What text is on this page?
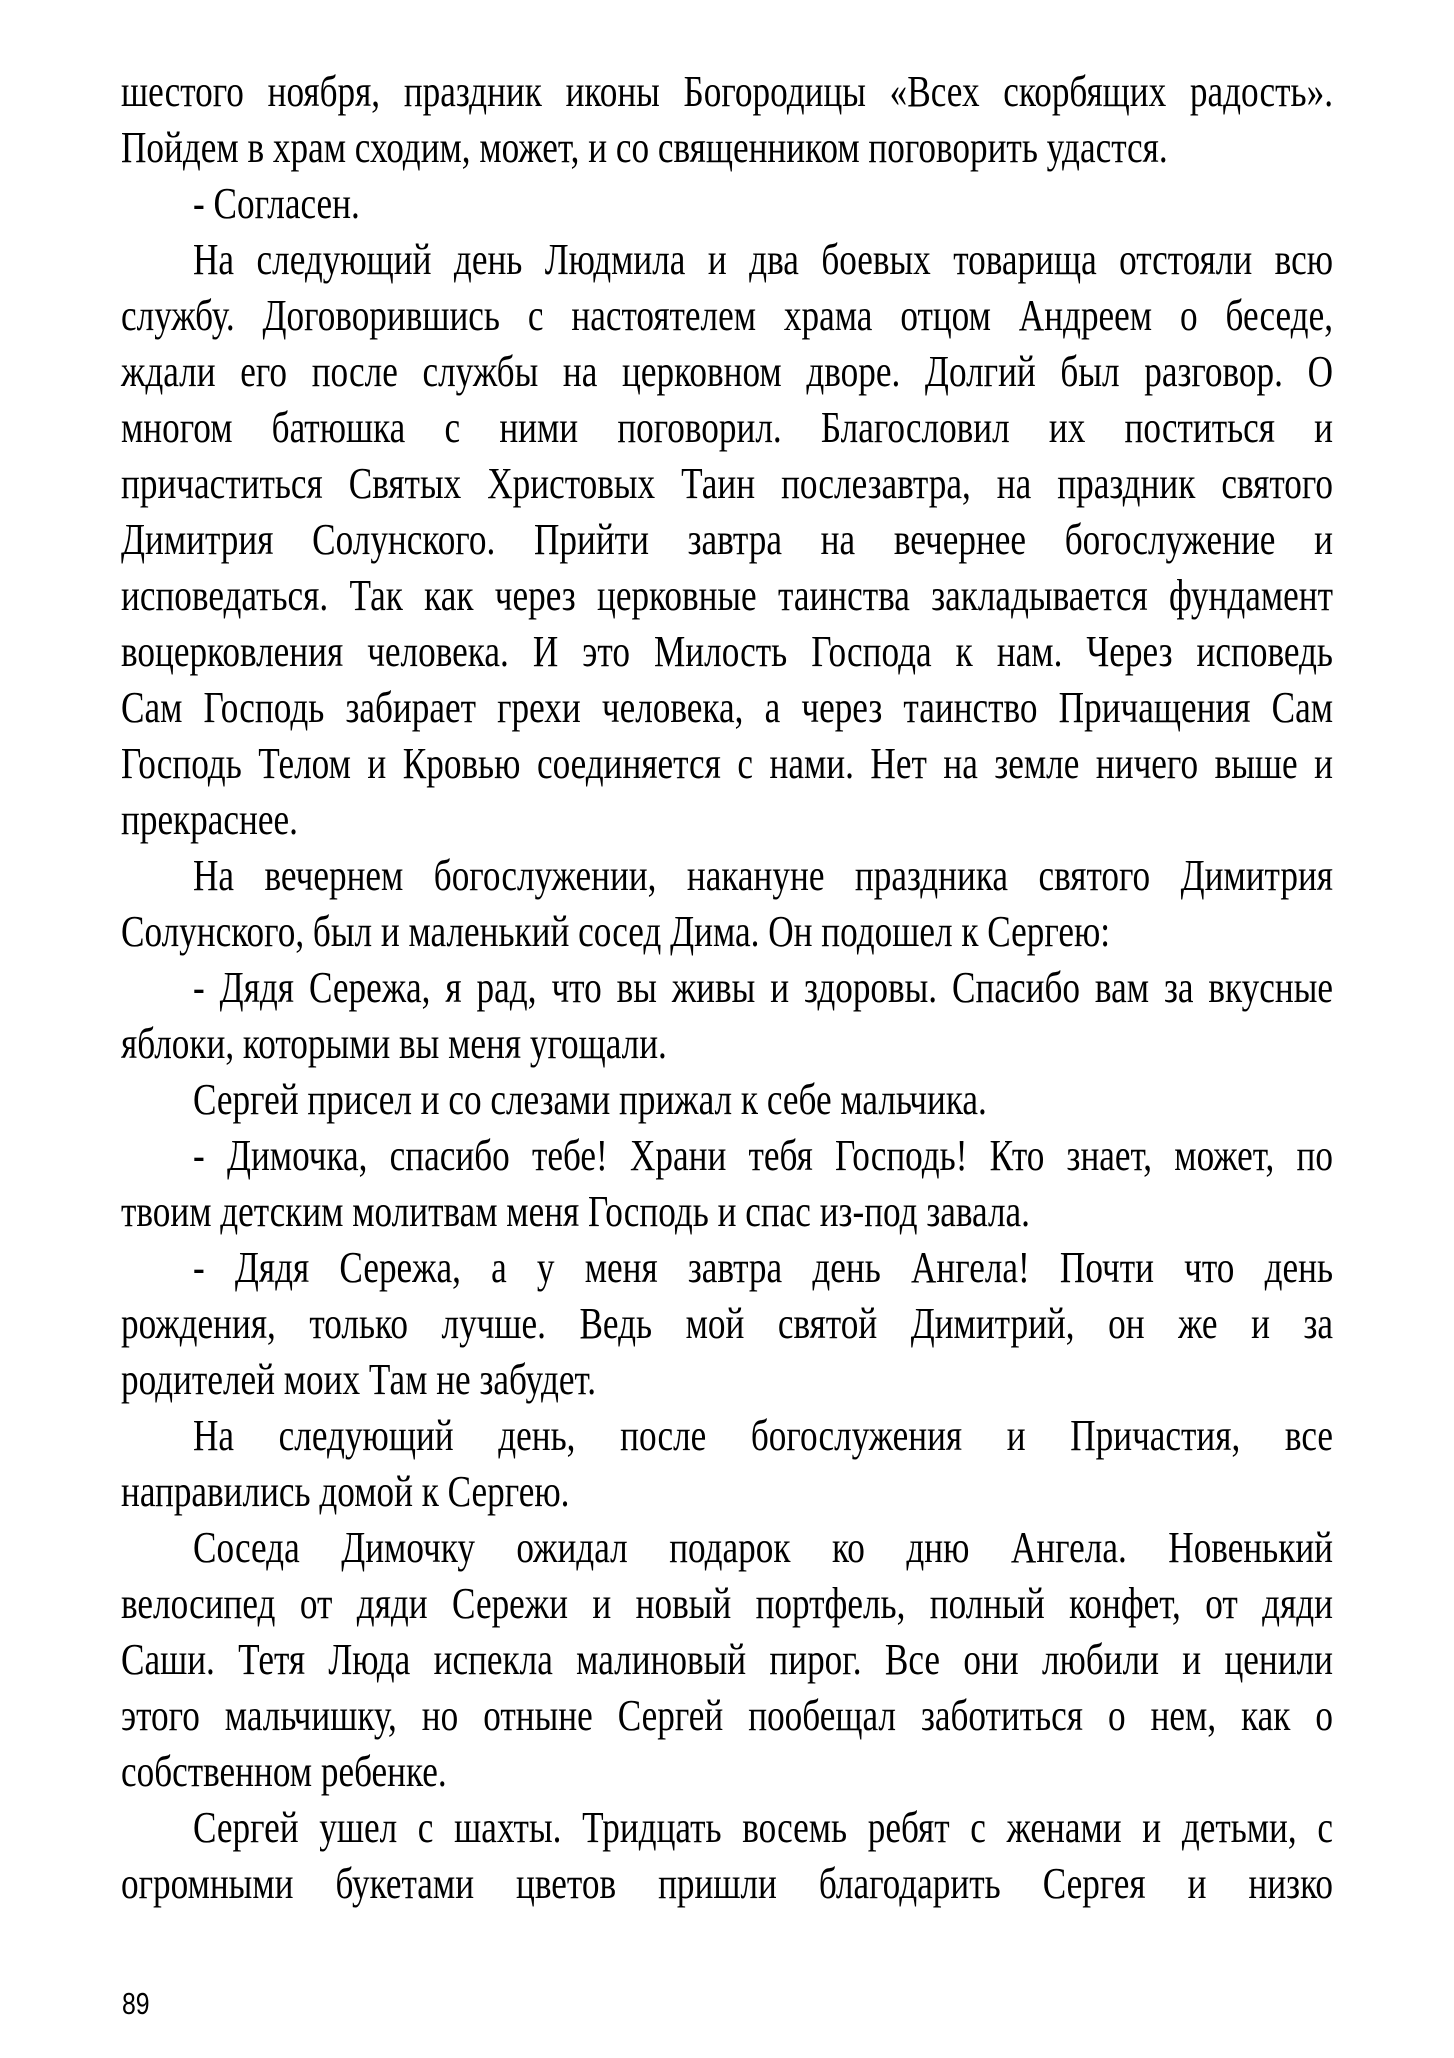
шестого ноября, праздник иконы Богородицы «Всех скорбящих радость».
Пойдем в храм сходим, может, и со священником поговорить удастся.
- Согласен.
На следующий день Людмила и два боевых товарища отстояли всю
службу. Договорившись с настоятелем храма отцом Андреем о беседе,
ждали его после службы на церковном дворе. Долгий был разговор. О
многом батюшка с ними поговорил. Благословил их поститься и
причаститься Святых Христовых Таин послезавтра, на праздник святого
Димитрия Солунского. Прийти завтра на вечернее богослужение и
исповедаться. Так как через церковные таинства закладывается фундамент
воцерковления человека. И это Милость Господа к нам. Через исповедь
Сам Господь забирает грехи человека, а через таинство Причащения Сам
Господь Телом и Кровью соединяется с нами. Нет на земле ничего выше и
прекраснее.
На вечернем богослужении, накануне праздника святого Димитрия
Солунского, был и маленький сосед Дима. Он подошел к Сергею:
- Дядя Сережа, я рад, что вы живы и здоровы. Спасибо вам за вкусные
яблоки, которыми вы меня угощали.
Сергей присел и со слезами прижал к себе мальчика.
- Димочка, спасибо тебе! Храни тебя Господь! Кто знает, может, по
твоим детским молитвам меня Господь и спас из-под завала.
- Дядя Сережа, а у меня завтра день Ангела! Почти что день
рождения, только лучше. Ведь мой святой Димитрий, он же и за
родителей моих Там не забудет.
На следующий день, после богослужения и Причастия, все
направились домой к Сергею.
Соседа Димочку ожидал подарок ко дню Ангела. Новенький
велосипед от дяди Сережи и новый портфель, полный конфет, от дяди
Саши. Тетя Люда испекла малиновый пирог. Все они любили и ценили
этого мальчишку, но отныне Сергей пообещал заботиться о нем, как о
собственном ребенке.
Сергей ушел с шахты. Тридцать восемь ребят с женами и детьми, с
огромными букетами цветов пришли благодарить Сергея и низко
89
